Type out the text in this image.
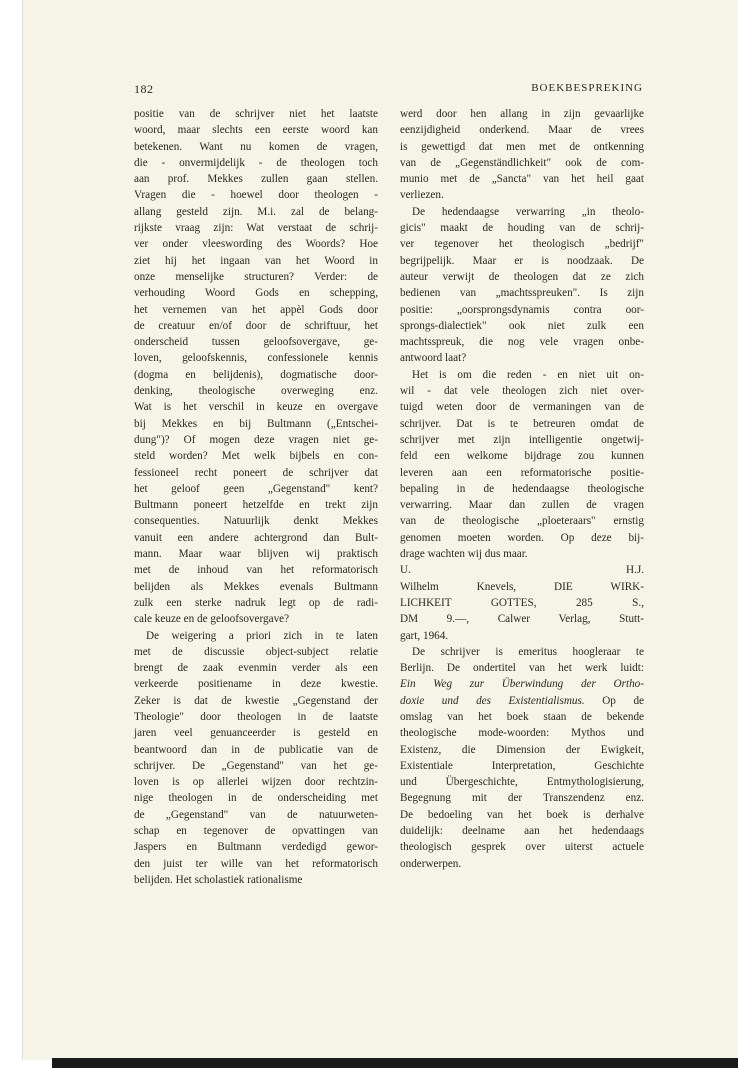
182	BOEKBESPREKING

positie van de schrijver niet het laatste
woord, maar slechts een eerste woord kan
betekenen. Want nu komen de vragen,
die - onvermijdelijk - de theologen toch
aan prof. Mekkes zullen gaan stellen.
Vragen die - hoewel door theologen -
allang gesteld zijn. M.i. zal de belang-
rijkste vraag zijn: Wat verstaat de schrij-
ver onder vleeswording des Woords? Hoe
ziet hij het ingaan van het Woord in
onze menselijke structuren? Verder: de
verhouding Woord Gods en schepping,
het vernemen van het appèl Gods door
de creatuur en/of door de schriftuur, het
onderscheid tussen geloofsovergave, ge-
loven, geloofskennis, confessionele kennis
(dogma en belijdenis), dogmatische door-
denking, theologische overweging enz.
Wat is het verschil in keuze en overgave
bij Mekkes en bij Bultmann („Entschei-
dung")? Of mogen deze vragen niet ge-
steld worden? Met welk bijbels en con-
fessioneel recht poneert de schrijver dat
het geloof geen „Gegenstand" kent?
Bultmann poneert hetzelfde en trekt zijn
consequenties. Natuurlijk denkt Mekkes
vanuit een andere achtergrond dan Bult-
mann. Maar waar blijven wij praktisch
met de inhoud van het reformatorisch
belijden als Mekkes evenals Bultmann
zulk een sterke nadruk legt op de radi-
cale keuze en de geloofsovergave?

De weigering a priori zich in te laten
met de discussie object-subject relatie
brengt de zaak evenmin verder als een
verkeerde positiename in deze kwestie.
Zeker is dat de kwestie „Gegenstand der
Theologie" door theologen in de laatste
jaren veel genuanceerder is gesteld en
beantwoord dan in de publicatie van de
schrijver. De „Gegenstand" van het ge-
loven is op allerlei wijzen door rechtzin-
nige theologen in de onderscheiding met
de „Gegenstand" van de natuurweten-
schap en tegenover de opvattingen van
Jaspers en Bultmann verdedigd gewor-
den juist ter wille van het reformatorisch
belijden. Het scholastiek rationalisme

werd door hen allang in zijn gevaarlijke
eenzijdigheid onderkend. Maar de vrees
is gewettigd dat men met de ontkenning
van de „Gegenständlichkeit" ook de com-
munio met de „Sancta" van het heil gaat
verliezen.

De hedendaagse verwarring „in theolo-
gicis" maakt de houding van de schrij-
ver tegenover het theologisch „bedrijf"
begrijpelijk. Maar er is noodzaak. De
auteur verwijt de theologen dat ze zich
bedienen van „machtsspreuken". Is zijn
positie: „oorsprongsdynamis contra oor-
sprongs-dialectiek" ook niet zulk een
machtsspreuk, die nog vele vragen onbe-
antwoord laat?

Het is om die reden - en niet uit on-
wil - dat vele theologen zich niet over-
tuigd weten door de vermaningen van de
schrijver. Dat is te betreuren omdat de
schrijver met zijn intelligentie ongetwij-
feld een welkome bijdrage zou kunnen
leveren aan een reformatorische positie-
bepaling in de hedendaagse theologische
verwarring. Maar dan zullen de vragen
van de theologische „ploeteraars" ernstig
genomen moeten worden. Op deze bij-
drage wachten wij dus maar.

U.	H.J.

Wilhelm Knevels, DIE WIRK-
LICHKEIT GOTTES, 285 S.,
DM 9.—, Calwer Verlag, Stutt-
gart, 1964.

De schrijver is emeritus hoogleraar te
Berlijn. De ondertitel van het werk luidt:
Ein Weg zur Überwindung der Ortho-
doxie und des Existentialismus. Op de
omslag van het boek staan de bekende
theologische mode-woorden: Mythos und
Existenz, die Dimension der Ewigkeit,
Existentiale Interpretation, Geschichte
und Übergeschichte, Entmythologisierung,
Begegnung mit der Transzendenz enz.
De bedoeling van het boek is derhalve
duidelijk: deelname aan het hedendaags
theologisch gesprek over uiterst actuele
onderwerpen.
